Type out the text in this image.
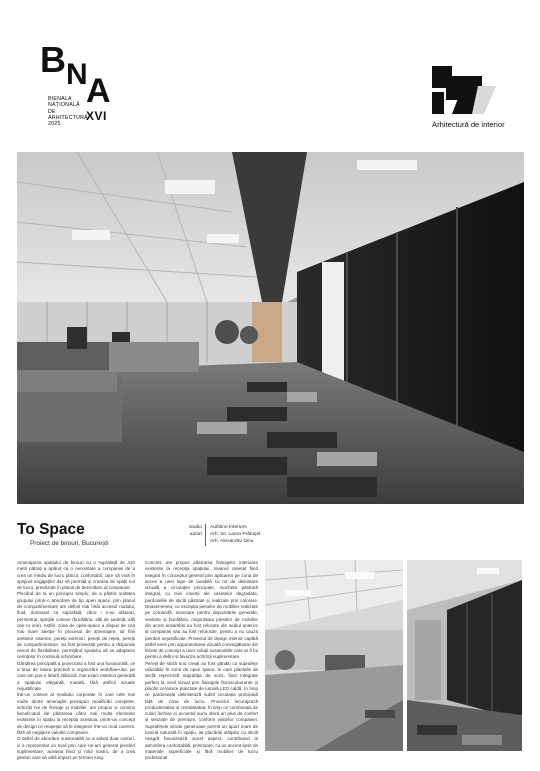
B N
A
BIENALA
NAȚIONALĂ
DE
ARHITECTURĂ
2025
XVI
Arhitectură de interior
To Space
Proiect de birouri, București
studio	Authline Interiors
autori	Arh. Int. Laura Prătuşel
Arh. Alexandru Dinu

Amenajarea spațiului de birouri cu o suprafață de 410 metri pătrați a apărut ca o necesitate a companiei de a crea un mediu de lucru plăcut, confortabil, care să vină în sprijinul angajaților dar să permită și crearea de spații noi de lucru, prevăzute în planul de dezvoltare al companiei.

Plecând de la un principiu simplu, de a păstra unitatea grupului printr-o abordare de tip open space, prin planul de compartimentare am definit mai întâi accesul nodului, fluid, dominant ca suprafață, cărui i s-au alăturat, perimetral, spațiile conexe (bucătăria, săli de ședință, săli one to one). Astfel, zona de open-space a dispus de cea mai mare atenție în procesul de amenajare, iar finii ambelor sisteme, pereții exteriori, pereții de rețea, pereții de compartimentare, au fost proiectați pentru a răspunde nevoii de flexibilitate, permițând spațiului să se adapteze cerințelor în continuă schimbare.

Gândirea principală a proiectului a fost una funcțională, ce a ținut de latura practică a organizării workflow-ului, pe care am pus-o latură stilistică, mai exact estetica generală a spațiului elegantă, mutată, fără artificii vizuale nejustificate.

Într-un context al mediului corporate în care cele mai multe dintre amenajări presupun modificări complete, achiziții noi de finisaje și mobilier, am propus și convins beneficiarul de păstrarea câtor mai multe elemente existente în spațiu la recepția acestuia, printr-un concept de design ce reușește să le integreze într-un mod coerent, fără să neglijeze valorile companiei.

O astfel de abordare sustenabilă nu a salvat doar costuri, ci a reprezentat un mod prin care ne-am generat pierderi suplimentare, aceasta fiind și rolul nostru, de a crea gesturi care să aibă impact pe termen lung.

Concret, am propus păstrarea finisajelor interioare existente la recepția spațiului, tavanul casetat fiind integrat în conceptul general prin aplicarea pe zona de acces a unei tape de lavabilă cu rol de delimitare vizuală a circulației principale, mocheta păstrată integral, cu mici inserții ale casetelor degradate, pardoselile de sticlă păstrate și realizate prin colorare. Deasemenea, cu excepția pieselor de mobilier realizate pe comandă, necesare pentru depozitările generale, vestiare și bucătăria, majoritatea pieselor de mobilier din acest ansamblu au fost relocate din sediul anterior al companiei sau au fost refolosite, pentru a nu cauza pierderi nejustificate. Proiectul de design interior capătă astfel sens prin argumentarea vizuală convingătoare din fazele de concept a unor soluții sustenabile care ar fi foi pentru a defini și favoriza achiziții suplimentare.

Pereții de sticlă nou creați au fost gândiți ca suprafețe utilizabile în zona de open space. În care placările de sticlă reprezintă suprafața de scris, fiind integrate perfect la nivel vizual prin finisajele floroscoborante și placări ceramice punctate de lumină LED caldă, în timp ce pardoseala delimitează subtil circulația principală față de zona de lucru. Proiectul încurajează productivitatea și creativitatea. În timp ce combinația de culori închise și accentul auriu oferă un plus de confort și senzație de premium, conform valorilor companiei. Suprafețele vitrate generoase permit un aport mare de lumină naturală în spațiu, iar placările stâlpilor cu sticlă neagră favorizează acest aspect, contribuind la atmosfera confortabilă, primitoare, cu un accent lipsit de materiale superficiale și fără mobilier de lucru profesional.
